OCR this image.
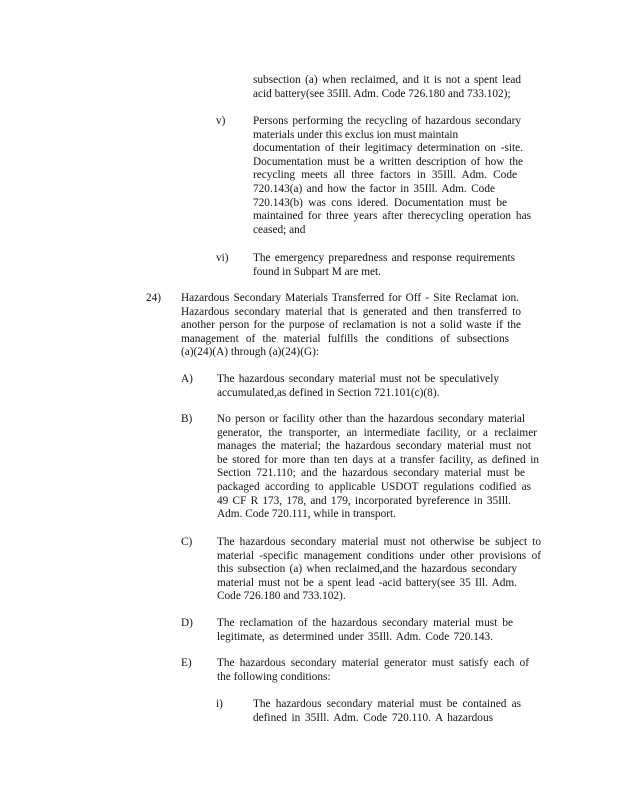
subsection (a) when reclaimed, and it is not a spent lead
acid battery(see 35Ill. Adm. Code 726.180 and 733.102);
v) Persons performing the recycling of hazardous secondary
materials under this exclus ion must maintain
documentation of their legitimacy determination on -site.
Documentation must be a written description of how the
recycling meets all three factors in 35Ill. Adm. Code
720.143(a) and how the factor in 35Ill. Adm. Code
720.143(b) was cons idered. Documentation must be
maintained for three years after therecycling operation has
ceased; and
vi) The emergency preparedness and response requirements
found in Subpart M are met.
24) Hazardous Secondary Materials Transferred for Off - Site Reclamat ion.
Hazardous secondary material that is generated and then transferred to
another person for the purpose of reclamation is not a solid waste if the
management of the material fulfills the conditions of subsections
(a)(24)(A) through (a)(24)(G):
A) The hazardous secondary material must not be speculatively
accumulated,as defined in Section 721.101(c)(8).
B) No person or facility other than the hazardous secondary material
generator, the transporter, an intermediate facility, or a reclaimer
manages the material; the hazardous secondary material must not
be stored for more than ten days at a transfer facility, as defined in
Section 721.110; and the hazardous secondary material must be
packaged according to applicable USDOT regulations codified as
49 CF R 173, 178, and 179, incorporated byreference in 35Ill.
Adm. Code 720.111, while in transport.
C) The hazardous secondary material must not otherwise be subject to
material -specific management conditions under other provisions of
this subsection (a) when reclaimed,and the hazardous secondary
material must not be a spent lead -acid battery(see 35 Ill. Adm.
Code 726.180 and 733.102).
D) The reclamation of the hazardous secondary material must be
legitimate, as determined under 35Ill. Adm. Code 720.143.
E) The hazardous secondary material generator must satisfy each of
the following conditions:
i)	The hazardous secondary material must be contained as
defined in 35Ill. Adm. Code 720.110. A hazardous
